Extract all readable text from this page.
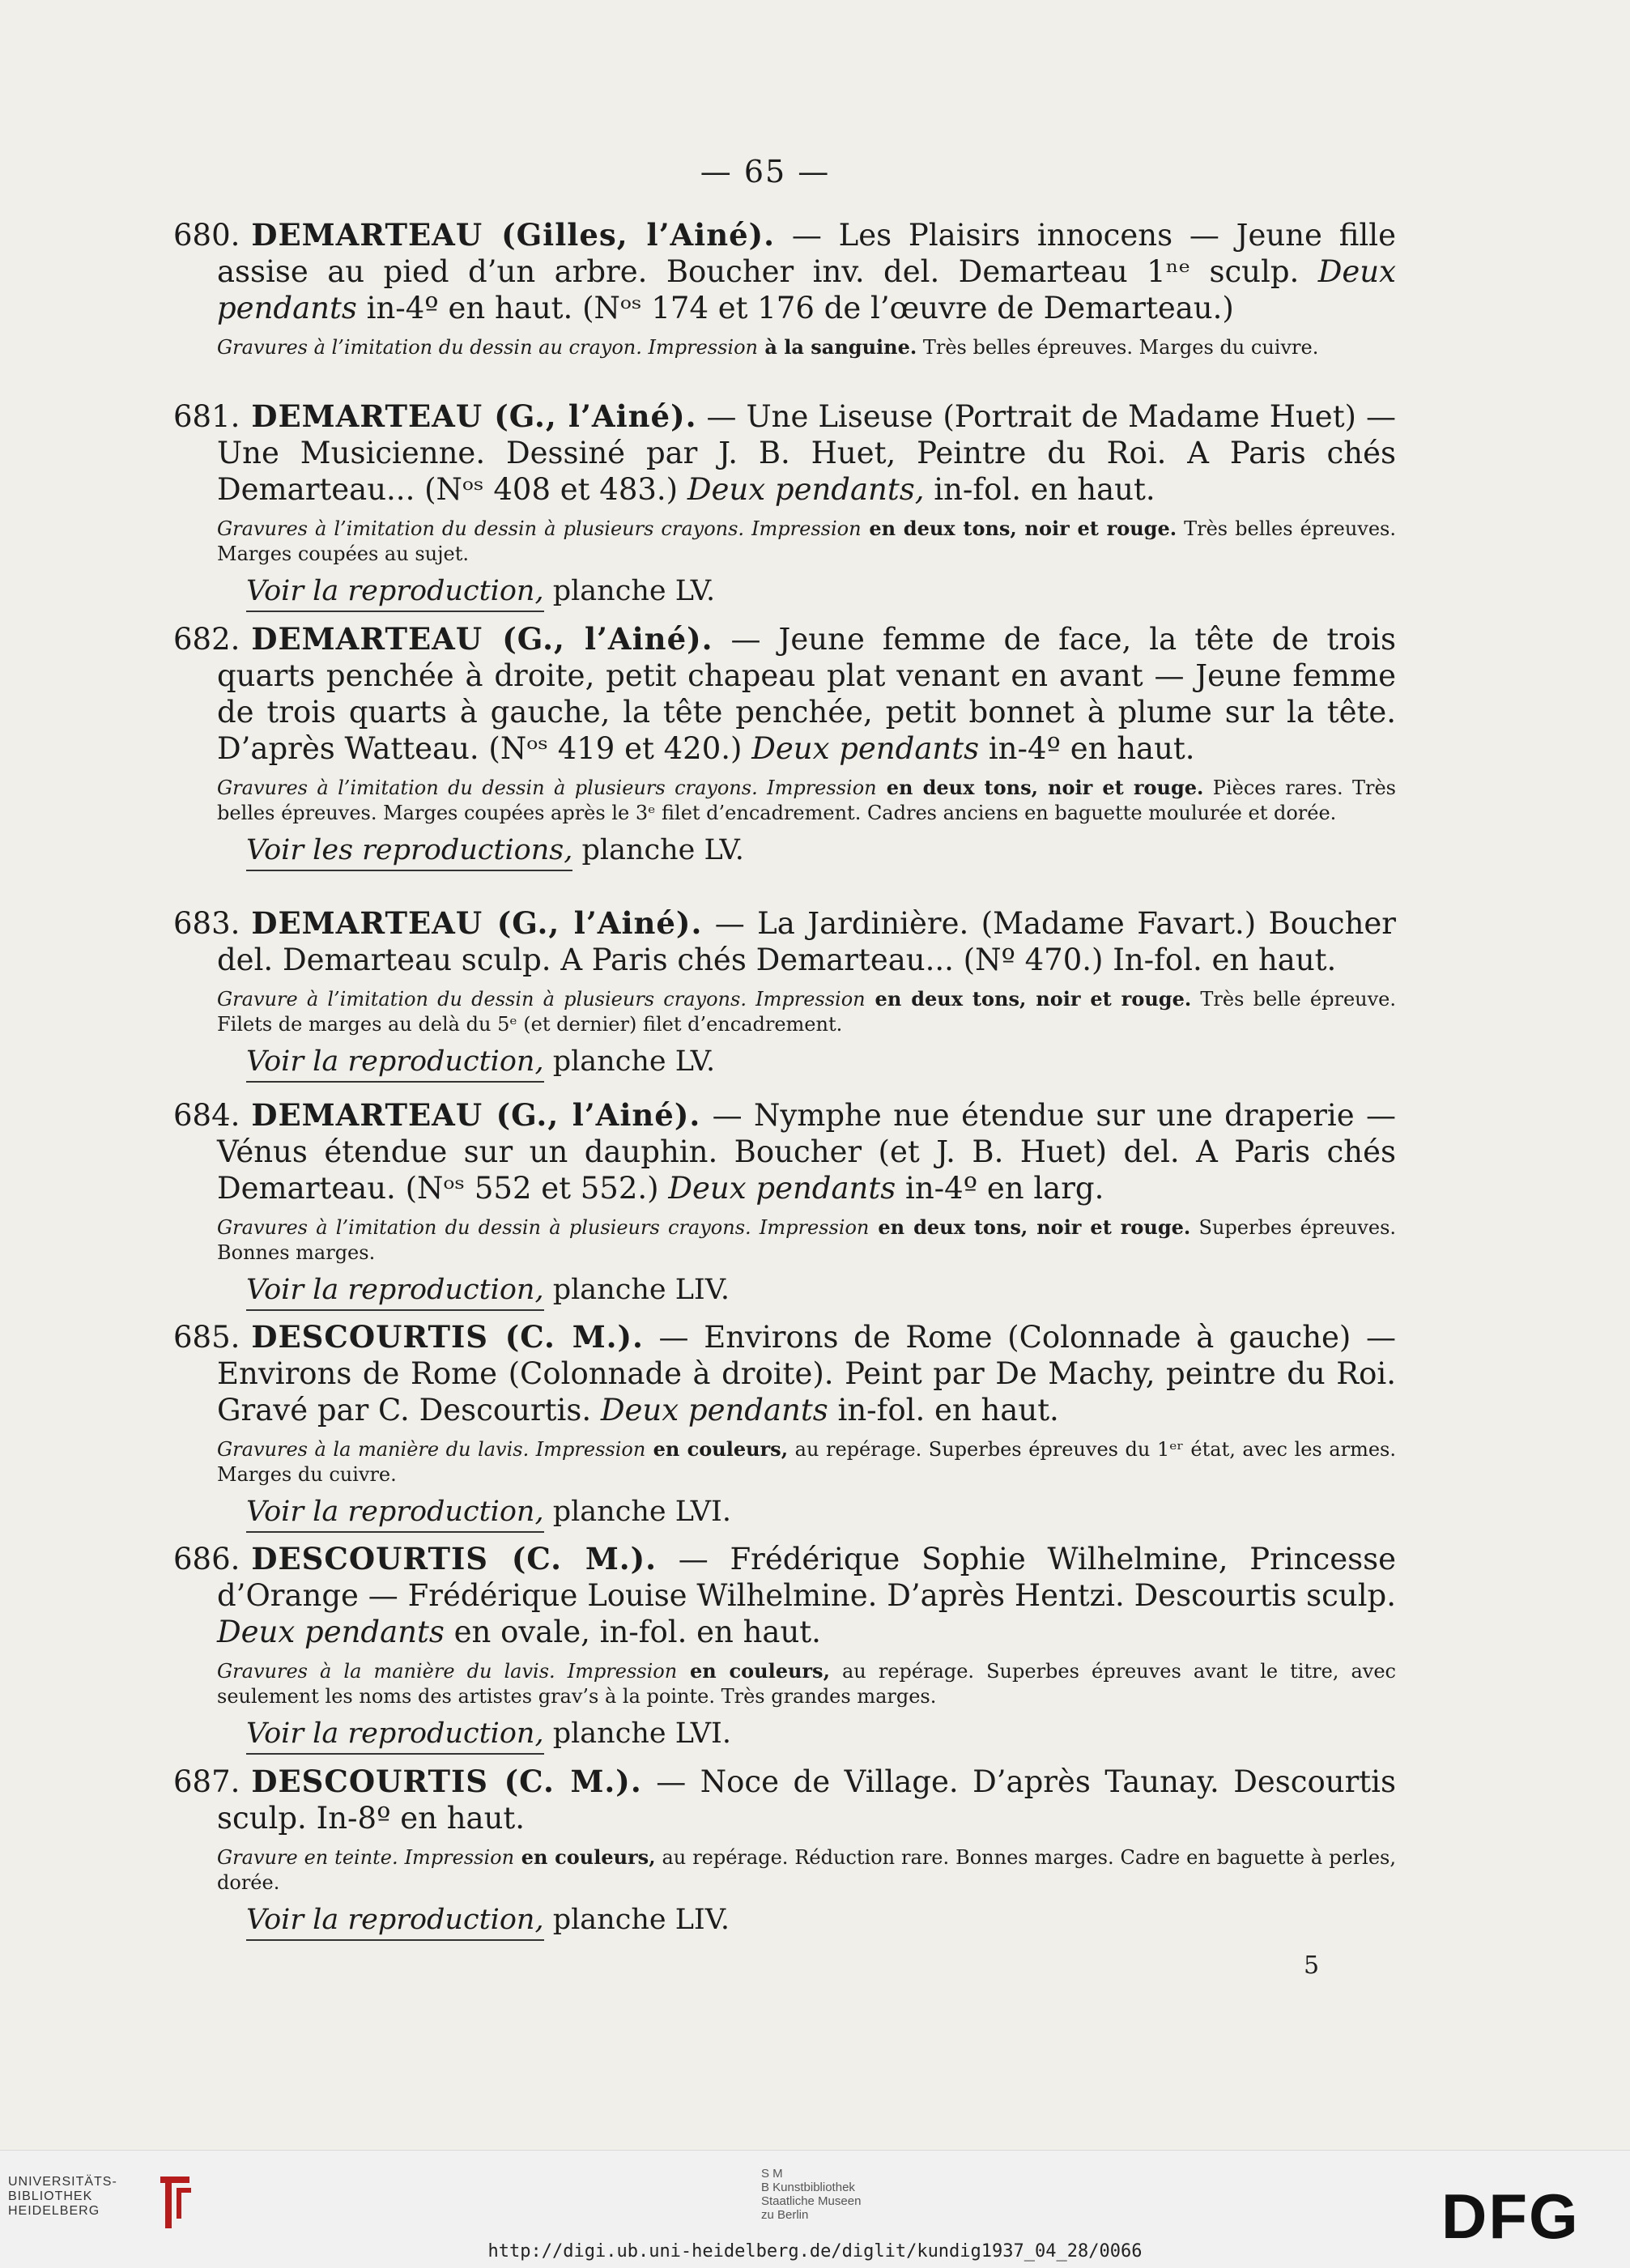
— 65 —
680. DEMARTEAU (Gilles, l’Ainé). — Les Plaisirs innocens — Jeune fille assise au pied d’un arbre. Boucher inv. del. Demarteau 1ⁿᵉ sculp. Deux pendants in-4º en haut. (Nᵒˢ 174 et 176 de l’œuvre de Demarteau.)
Gravures à l’imitation du dessin au crayon. Impression à la sanguine. Très belles épreuves. Marges du cuivre.
681. DEMARTEAU (G., l’Ainé). — Une Liseuse (Portrait de Madame Huet) — Une Musicienne. Dessiné par J. B. Huet, Peintre du Roi. A Paris chés Demarteau... (Nᵒˢ 408 et 483.) Deux pendants, in-fol. en haut.
Gravures à l’imitation du dessin à plusieurs crayons. Impression en deux tons, noir et rouge. Très belles épreuves. Marges coupées au sujet.
Voir la reproduction, planche LV.
682. DEMARTEAU (G., l’Ainé). — Jeune femme de face, la tête de trois quarts penchée à droite, petit chapeau plat venant en avant — Jeune femme de trois quarts à gauche, la tête penchée, petit bonnet à plume sur la tête. D’après Watteau. (Nᵒˢ 419 et 420.) Deux pendants in-4º en haut.
Gravures à l’imitation du dessin à plusieurs crayons. Impression en deux tons, noir et rouge. Pièces rares. Très belles épreuves. Marges coupées après le 3ᵉ filet d’encadrement. Cadres anciens en baguette moulurée et dorée.
Voir les reproductions, planche LV.
683. DEMARTEAU (G., l’Ainé). — La Jardinière. (Madame Favart.) Boucher del. Demarteau sculp. A Paris chés Demarteau... (Nº 470.) In-fol. en haut.
Gravure à l’imitation du dessin à plusieurs crayons. Impression en deux tons, noir et rouge. Très belle épreuve. Filets de marges au delà du 5ᵉ (et dernier) filet d’encadrement.
Voir la reproduction, planche LV.
684. DEMARTEAU (G., l’Ainé). — Nymphe nue étendue sur une draperie — Vénus étendue sur un dauphin. Boucher (et J. B. Huet) del. A Paris chés Demarteau. (Nᵒˢ 552 et 552.) Deux pendants in-4º en larg.
Gravures à l’imitation du dessin à plusieurs crayons. Impression en deux tons, noir et rouge. Superbes épreuves. Bonnes marges.
Voir la reproduction, planche LIV.
685. DESCOURTIS (C. M.). — Environs de Rome (Colonnade à gauche) — Environs de Rome (Colonnade à droite). Peint par De Machy, peintre du Roi. Gravé par C. Descourtis. Deux pendants in-fol. en haut.
Gravures à la manière du lavis. Impression en couleurs, au repérage. Superbes épreuves du 1ᵉʳ état, avec les armes. Marges du cuivre.
Voir la reproduction, planche LVI.
686. DESCOURTIS (C. M.). — Frédérique Sophie Wilhelmine, Princesse d’Orange — Frédérique Louise Wilhelmine. D’après Hentzi. Descourtis sculp. Deux pendants en ovale, in-fol. en haut.
Gravures à la manière du lavis. Impression en couleurs, au repérage. Superbes épreuves avant le titre, avec seulement les noms des artistes grav’s à la pointe. Très grandes marges.
Voir la reproduction, planche LVI.
687. DESCOURTIS (C. M.). — Noce de Village. D’après Taunay. Descourtis sculp. In-8º en haut.
Gravure en teinte. Impression en couleurs, au repérage. Réduction rare. Bonnes marges. Cadre en baguette à perles, dorée.
Voir la reproduction, planche LIV.
5
UNIVERSITÄTS-
BIBLIOTHEK
HEIDELBERG
S M
B Kunstbibliothek
Staatliche Museen
zu Berlin	DFG
http://digi.ub.uni-heidelberg.de/diglit/kundig1937_04_28/0066
